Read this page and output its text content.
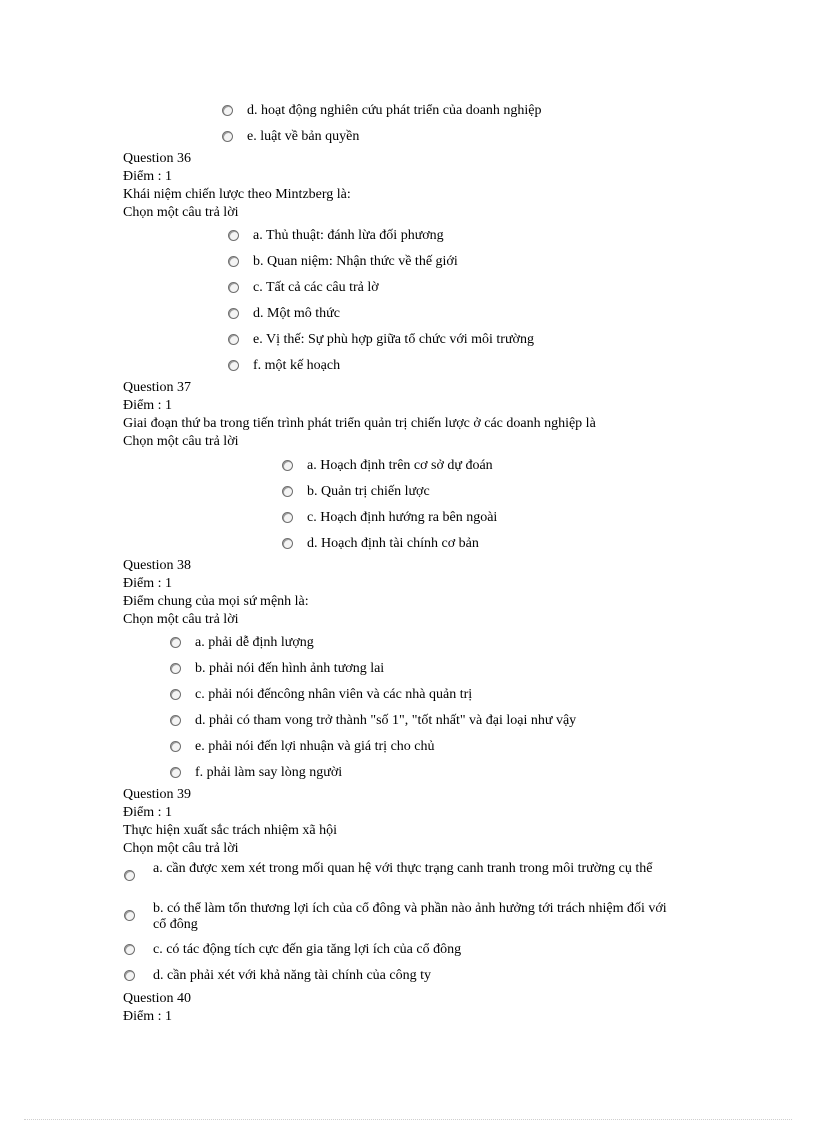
d. hoạt động nghiên cứu phát triển của doanh nghiệp
e. luật về bản quyền
Question 36
Điểm : 1
Khái niệm chiến lược theo Mintzberg là:
Chọn một câu trả lời
a. Thủ thuật: đánh lừa đối phương
b. Quan niệm: Nhận thức về thế giới
c. Tất cả các câu trả lờ
d. Một mô thức
e. Vị thế: Sự phù hợp giữa tổ chức với môi trường
f. một kế hoạch
Question 37
Điểm : 1
Giai đoạn thứ ba trong tiến trình phát triển quản trị chiến lược ở các doanh nghiệp là
Chọn một câu trả lời
a. Hoạch định trên cơ sở dự đoán
b. Quản trị chiến lược
c. Hoạch định hướng ra bên ngoài
d. Hoạch định tài chính cơ bản
Question 38
Điểm : 1
Điểm chung của mọi sứ mệnh là:
Chọn một câu trả lời
a. phải dễ định lượng
b. phải nói đến hình ảnh tương lai
c. phải nói đếncông nhân viên và các nhà quản trị
d. phải có tham vong trở thành "số 1", "tốt nhất" và đại loại như vậy
e. phải nói đến lợi nhuận và giá trị cho chủ
f. phải làm say lòng người
Question 39
Điểm : 1
Thực hiện xuất sắc trách nhiệm xã hội
Chọn một câu trả lời
a. cần được xem xét trong mối quan hệ với thực trạng canh tranh trong môi trường cụ thể
b. có thể làm tổn thương lợi ích của cổ đông và phần nào ảnh hưởng tới trách nhiệm đối với cổ đông
c. có tác động tích cực đến gia tăng lợi ích của cổ đông
d. cần phải xét với khả năng tài chính của công ty
Question 40
Điểm : 1
